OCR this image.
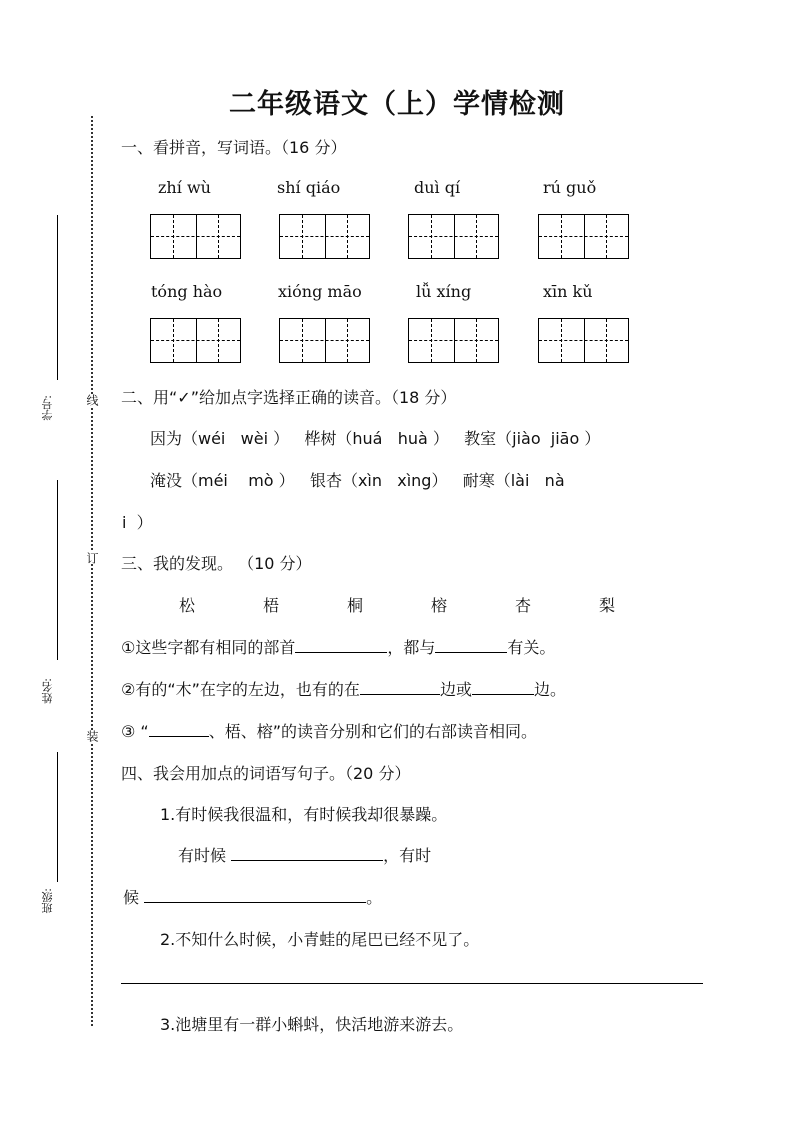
学号:
姓名:
班级:
线
订
装
二年级语文（上）学情检测
一、看拼音，写词语。（16 分）
zhí wù	shí qiáo	duì qí	rú guǒ
tóng hào	xióng māo	lǚ xíng	xīn kǔ
二、用“✓”给加点字选择正确的读音。（18 分）
因为（wéi   wèi ）   桦树（huá   huà ）   教室（jiào  jiāo ）
淹没（méi    mò ）   银杏（xìn   xìng）   耐寒（lài   nà
i  ）
三、我的发现。 （10 分）
松	梧	桐	榕	杏	梨
①这些字都有相同的部首	，都与	有关。
②有的“木”在字的左边，也有的在	边或	边。
③ “	、梧、榕”的读音分别和它们的右部读音相同。
四、我会用加点的词语写句子。（20 分）
1.有时候我很温和，有时候我却很暴躁。
有时候	，有时
候	。
2.不知什么时候，小青蛙的尾巴已经不见了。
3.池塘里有一群小蝌蚪，快活地游来游去。
